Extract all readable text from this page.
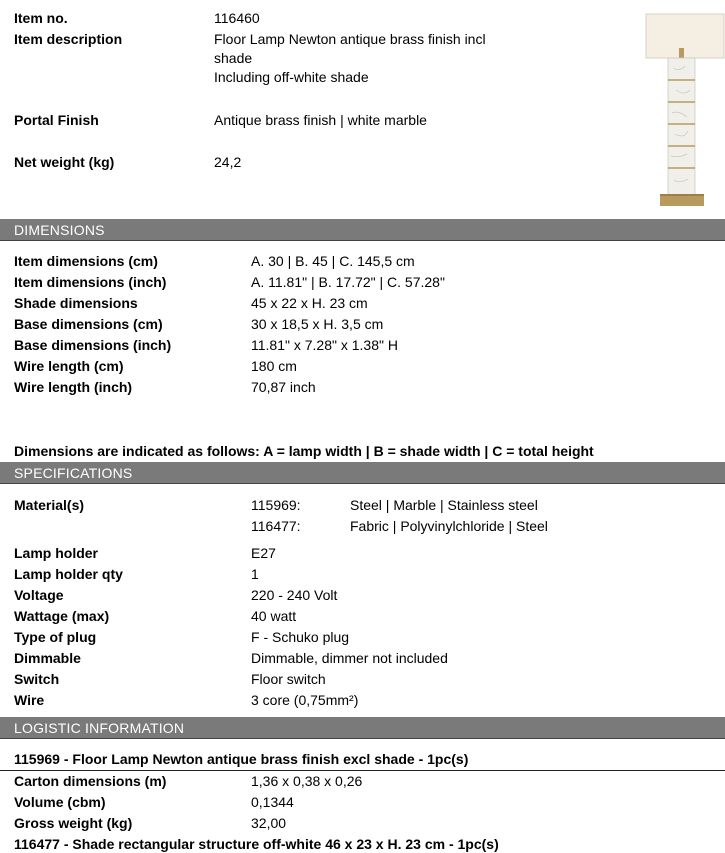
Item no.	116460
Item description	Floor Lamp Newton antique brass finish incl
shade
Including off-white shade
Portal Finish	Antique brass finish | white marble
Net weight (kg)	24,2
DIMENSIONS
Item dimensions (cm)	A. 30 | B. 45 | C. 145,5 cm
Item dimensions (inch)	A. 11.81" | B. 17.72" | C. 57.28"
Shade dimensions	45 x 22 x H. 23 cm
Base dimensions (cm)	30 x 18,5 x H. 3,5 cm
Base dimensions (inch)	11.81" x 7.28" x 1.38" H
Wire length (cm)	180 cm
Wire length (inch)	70,87 inch
Dimensions are indicated as follows: A = lamp width | B = shade width | C = total height
SPECIFICATIONS
Material(s)	115969:	Steel | Marble | Stainless steel
116477:	Fabric | Polyvinylchloride | Steel
Lamp holder	E27
Lamp holder qty	1
Voltage	220 - 240 Volt
Wattage (max)	40 watt
Type of plug	F - Schuko plug
Dimmable	Dimmable, dimmer not included
Switch	Floor switch
Wire	3 core (0,75mm²)
LOGISTIC INFORMATION
115969 - Floor Lamp Newton antique brass finish excl shade - 1pc(s)
Carton dimensions (m)	1,36 x 0,38 x 0,26
Volume (cbm)	0,1344
Gross weight (kg)	32,00
116477 - Shade rectangular structure off-white 46 x 23 x H. 23 cm - 1pc(s)
